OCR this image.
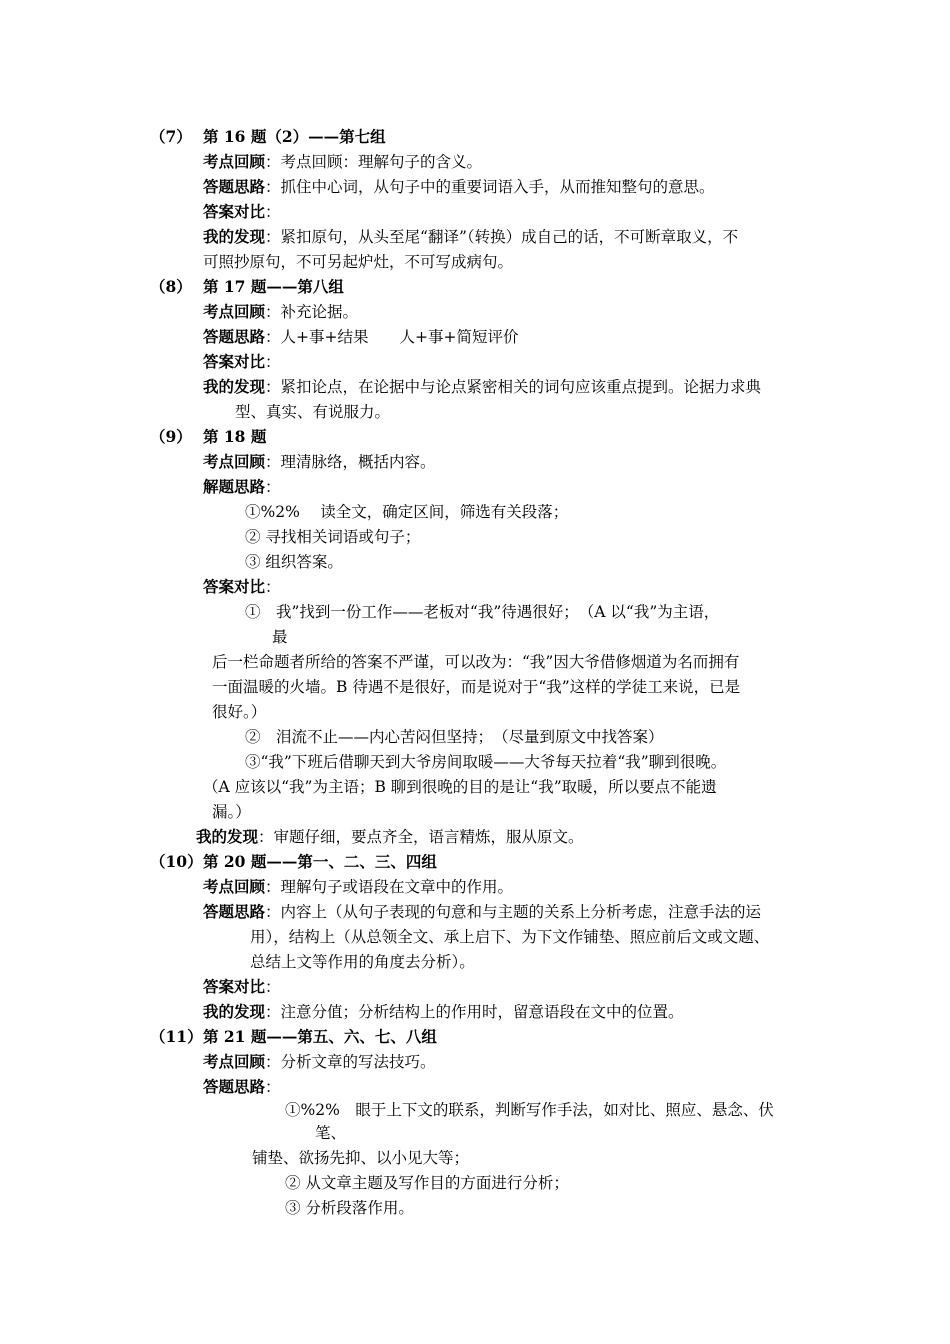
（7） 第 16 题（2）——第七组
考点回顾：考点回顾：理解句子的含义。
答题思路：抓住中心词，从句子中的重要词语入手，从而推知整句的意思。
答案对比：
我的发现：紧扣原句，从头至尾“翻译”（转换）成自己的话，不可断章取义，不
可照抄原句，不可另起炉灶，不可写成病句。
（8） 第 17 题——第八组
考点回顾：补充论据。
答题思路：人+事+结果　　人+事+简短评价
答案对比：
我的发现：紧扣论点，在论据中与论点紧密相关的词句应该重点提到。论据力求典
型、真实、有说服力。
（9） 第 18 题
考点回顾：理清脉络，概括内容。
解题思路：
①%2%　 读全文，确定区间，筛选有关段落；
② 寻找相关词语或句子；
③ 组织答案。
答案对比：
①　我”找到一份工作——老板对“我”待遇很好；　（A 以“我”为主语，
最
后一栏命题者所给的答案不严谨，可以改为：“我”因大爷借修烟道为名而拥有
一面温暖的火墙。B 待遇不是很好，而是说对于“我”这样的学徒工来说，已是
很好。）
②　泪流不止——内心苦闷但坚持；　（尽量到原文中找答案）
③“我”下班后借聊天到大爷房间取暖——大爷每天拉着“我”聊到很晚。
（A 应该以“我”为主语；B 聊到很晚的目的是让“我”取暖，所以要点不能遗
漏。）
我的发现：审题仔细，要点齐全，语言精炼，服从原文。
（10） 第 20 题——第一、二、三、四组
考点回顾：理解句子或语段在文章中的作用。
答题思路：内容上（从句子表现的句意和与主题的关系上分析考虑，注意手法的运
用），结构上（从总领全文、承上启下、为下文作铺垫、照应前后文或文题、
总结上文等作用的角度去分析）。
答案对比：
我的发现：注意分值；分析结构上的作用时，留意语段在文中的位置。
（11） 第 21 题——第五、六、七、八组
考点回顾：分析文章的写法技巧。
答题思路：
①%2%　眼于上下文的联系，判断写作手法，如对比、照应、悬念、伏
笔、
铺垫、欲扬先抑、以小见大等；
② 从文章主题及写作目的方面进行分析；
③ 分析段落作用。
